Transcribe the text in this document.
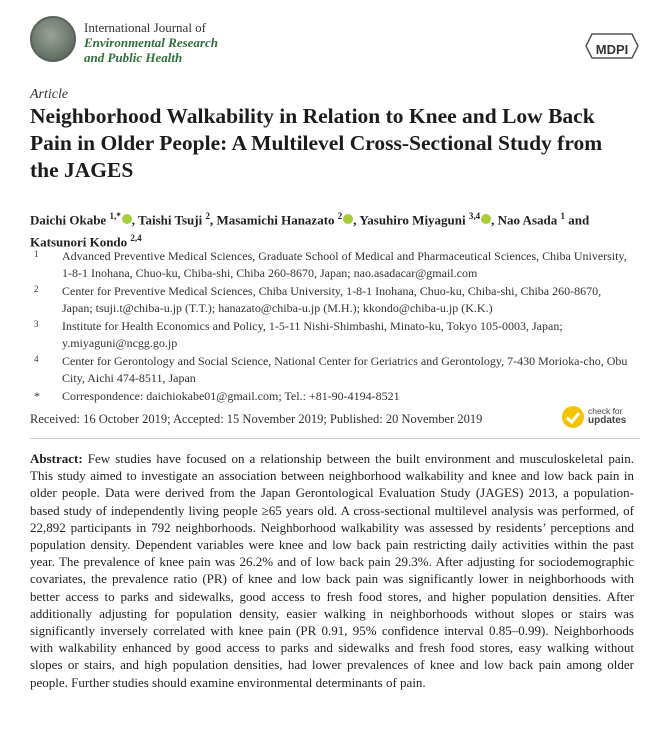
International Journal of
Environmental Research
and Public Health
MDPI
Article
Neighborhood Walkability in Relation to Knee and Low Back Pain in Older People: A Multilevel Cross-Sectional Study from the JAGES
Daichi Okabe $^{1,*}$ , Taishi Tsuji $^2$, Masamichi Hanazato $^2$ , Yasuhiro Miyaguni $^{3,4}$ , Nao Asada $^1$ and Katsunori Kondo $^{2,4}$
1 Advanced Preventive Medical Sciences, Graduate School of Medical and Pharmaceutical Sciences, Chiba University, 1-8-1 Inohana, Chuo-ku, Chiba-shi, Chiba 260-8670, Japan; nao.asadacar@gmail.com
2 Center for Preventive Medical Sciences, Chiba University, 1-8-1 Inohana, Chuo-ku, Chiba-shi, Chiba 260-8670, Japan; tsuji.t@chiba-u.jp (T.T.); hanazato@chiba-u.jp (M.H.); kkondo@chiba-u.jp (K.K.)
3 Institute for Health Economics and Policy, 1-5-11 Nishi-Shimbashi, Minato-ku, Tokyo 105-0003, Japan; y.miyaguni@ncgg.go.jp
4 Center for Gerontology and Social Science, National Center for Geriatrics and Gerontology, 7-430 Morioka-cho, Obu City, Aichi 474-8511, Japan
* Correspondence: daichiokabe01@gmail.com; Tel.: +81-90-4194-8521
Received: 16 October 2019; Accepted: 15 November 2019; Published: 20 November 2019
check for
updates
Abstract: Few studies have focused on a relationship between the built environment and musculoskeletal pain. This study aimed to investigate an association between neighborhood walkability and knee and low back pain in older people. Data were derived from the Japan Gerontological Evaluation Study (JAGES) 2013, a population-based study of independently living people ≥65 years old. A cross-sectional multilevel analysis was performed, of 22,892 participants in 792 neighborhoods. Neighborhood walkability was assessed by residents’ perceptions and population density. Dependent variables were knee and low back pain restricting daily activities within the past year. The prevalence of knee pain was 26.2% and of low back pain 29.3%. After adjusting for sociodemographic covariates, the prevalence ratio (PR) of knee and low back pain was significantly lower in neighborhoods with better access to parks and sidewalks, good access to fresh food stores, and higher population densities. After additionally adjusting for population density, easier walking in neighborhoods without slopes or stairs was significantly inversely correlated with knee pain (PR 0.91, 95% confidence interval 0.85–0.99). Neighborhoods with walkability enhanced by good access to parks and sidewalks and fresh food stores, easy walking without slopes or stairs, and high population densities, had lower prevalences of knee and low back pain among older people. Further studies should examine environmental determinants of pain.
